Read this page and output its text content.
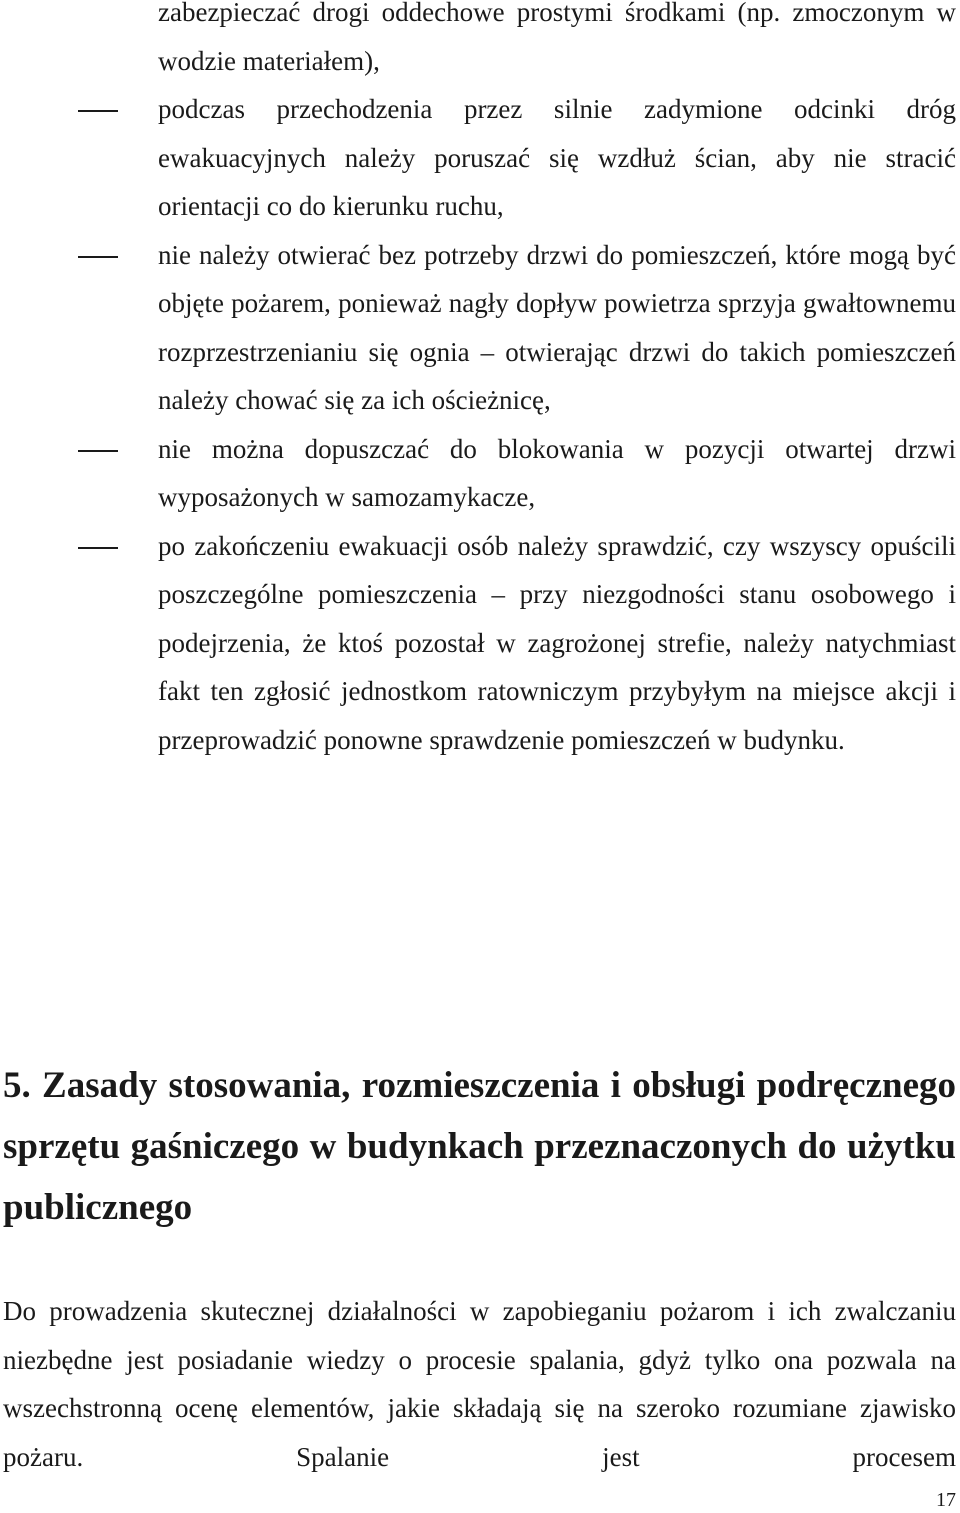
zabezpieczać drogi oddechowe prostymi środkami (np. zmoczonym w wodzie materiałem),
podczas przechodzenia przez silnie zadymione odcinki dróg ewakuacyjnych należy poruszać się wzdłuż ścian, aby nie stracić orientacji co do kierunku ruchu,
nie należy otwierać bez potrzeby drzwi do pomieszczeń, które mogą być objęte pożarem, ponieważ nagły dopływ powietrza sprzyja gwałtownemu rozprzestrzenianiu się ognia – otwierając drzwi do takich pomieszczeń należy chować się za ich ościeżnicę,
nie można dopuszczać do blokowania w pozycji otwartej drzwi wyposażonych w samozamykacze,
po zakończeniu ewakuacji osób należy sprawdzić, czy wszyscy opuścili poszczególne pomieszczenia – przy niezgodności stanu osobowego i podejrzenia, że ktoś pozostał w zagrożonej strefie, należy natychmiast fakt ten zgłosić jednostkom ratowniczym przybyłym na miejsce akcji i przeprowadzić ponowne sprawdzenie pomieszczeń w budynku.
5. Zasady stosowania, rozmieszczenia i obsługi podręcznego sprzętu gaśniczego w budynkach przeznaczonych do użytku publicznego

Do prowadzenia skutecznej działalności w zapobieganiu pożarom i ich zwalczaniu niezbędne jest posiadanie wiedzy o procesie spalania, gdyż tylko ona pozwala na wszechstronną ocenę elementów, jakie składają się na szeroko rozumiane zjawisko pożaru. Spalanie jest procesem

17
